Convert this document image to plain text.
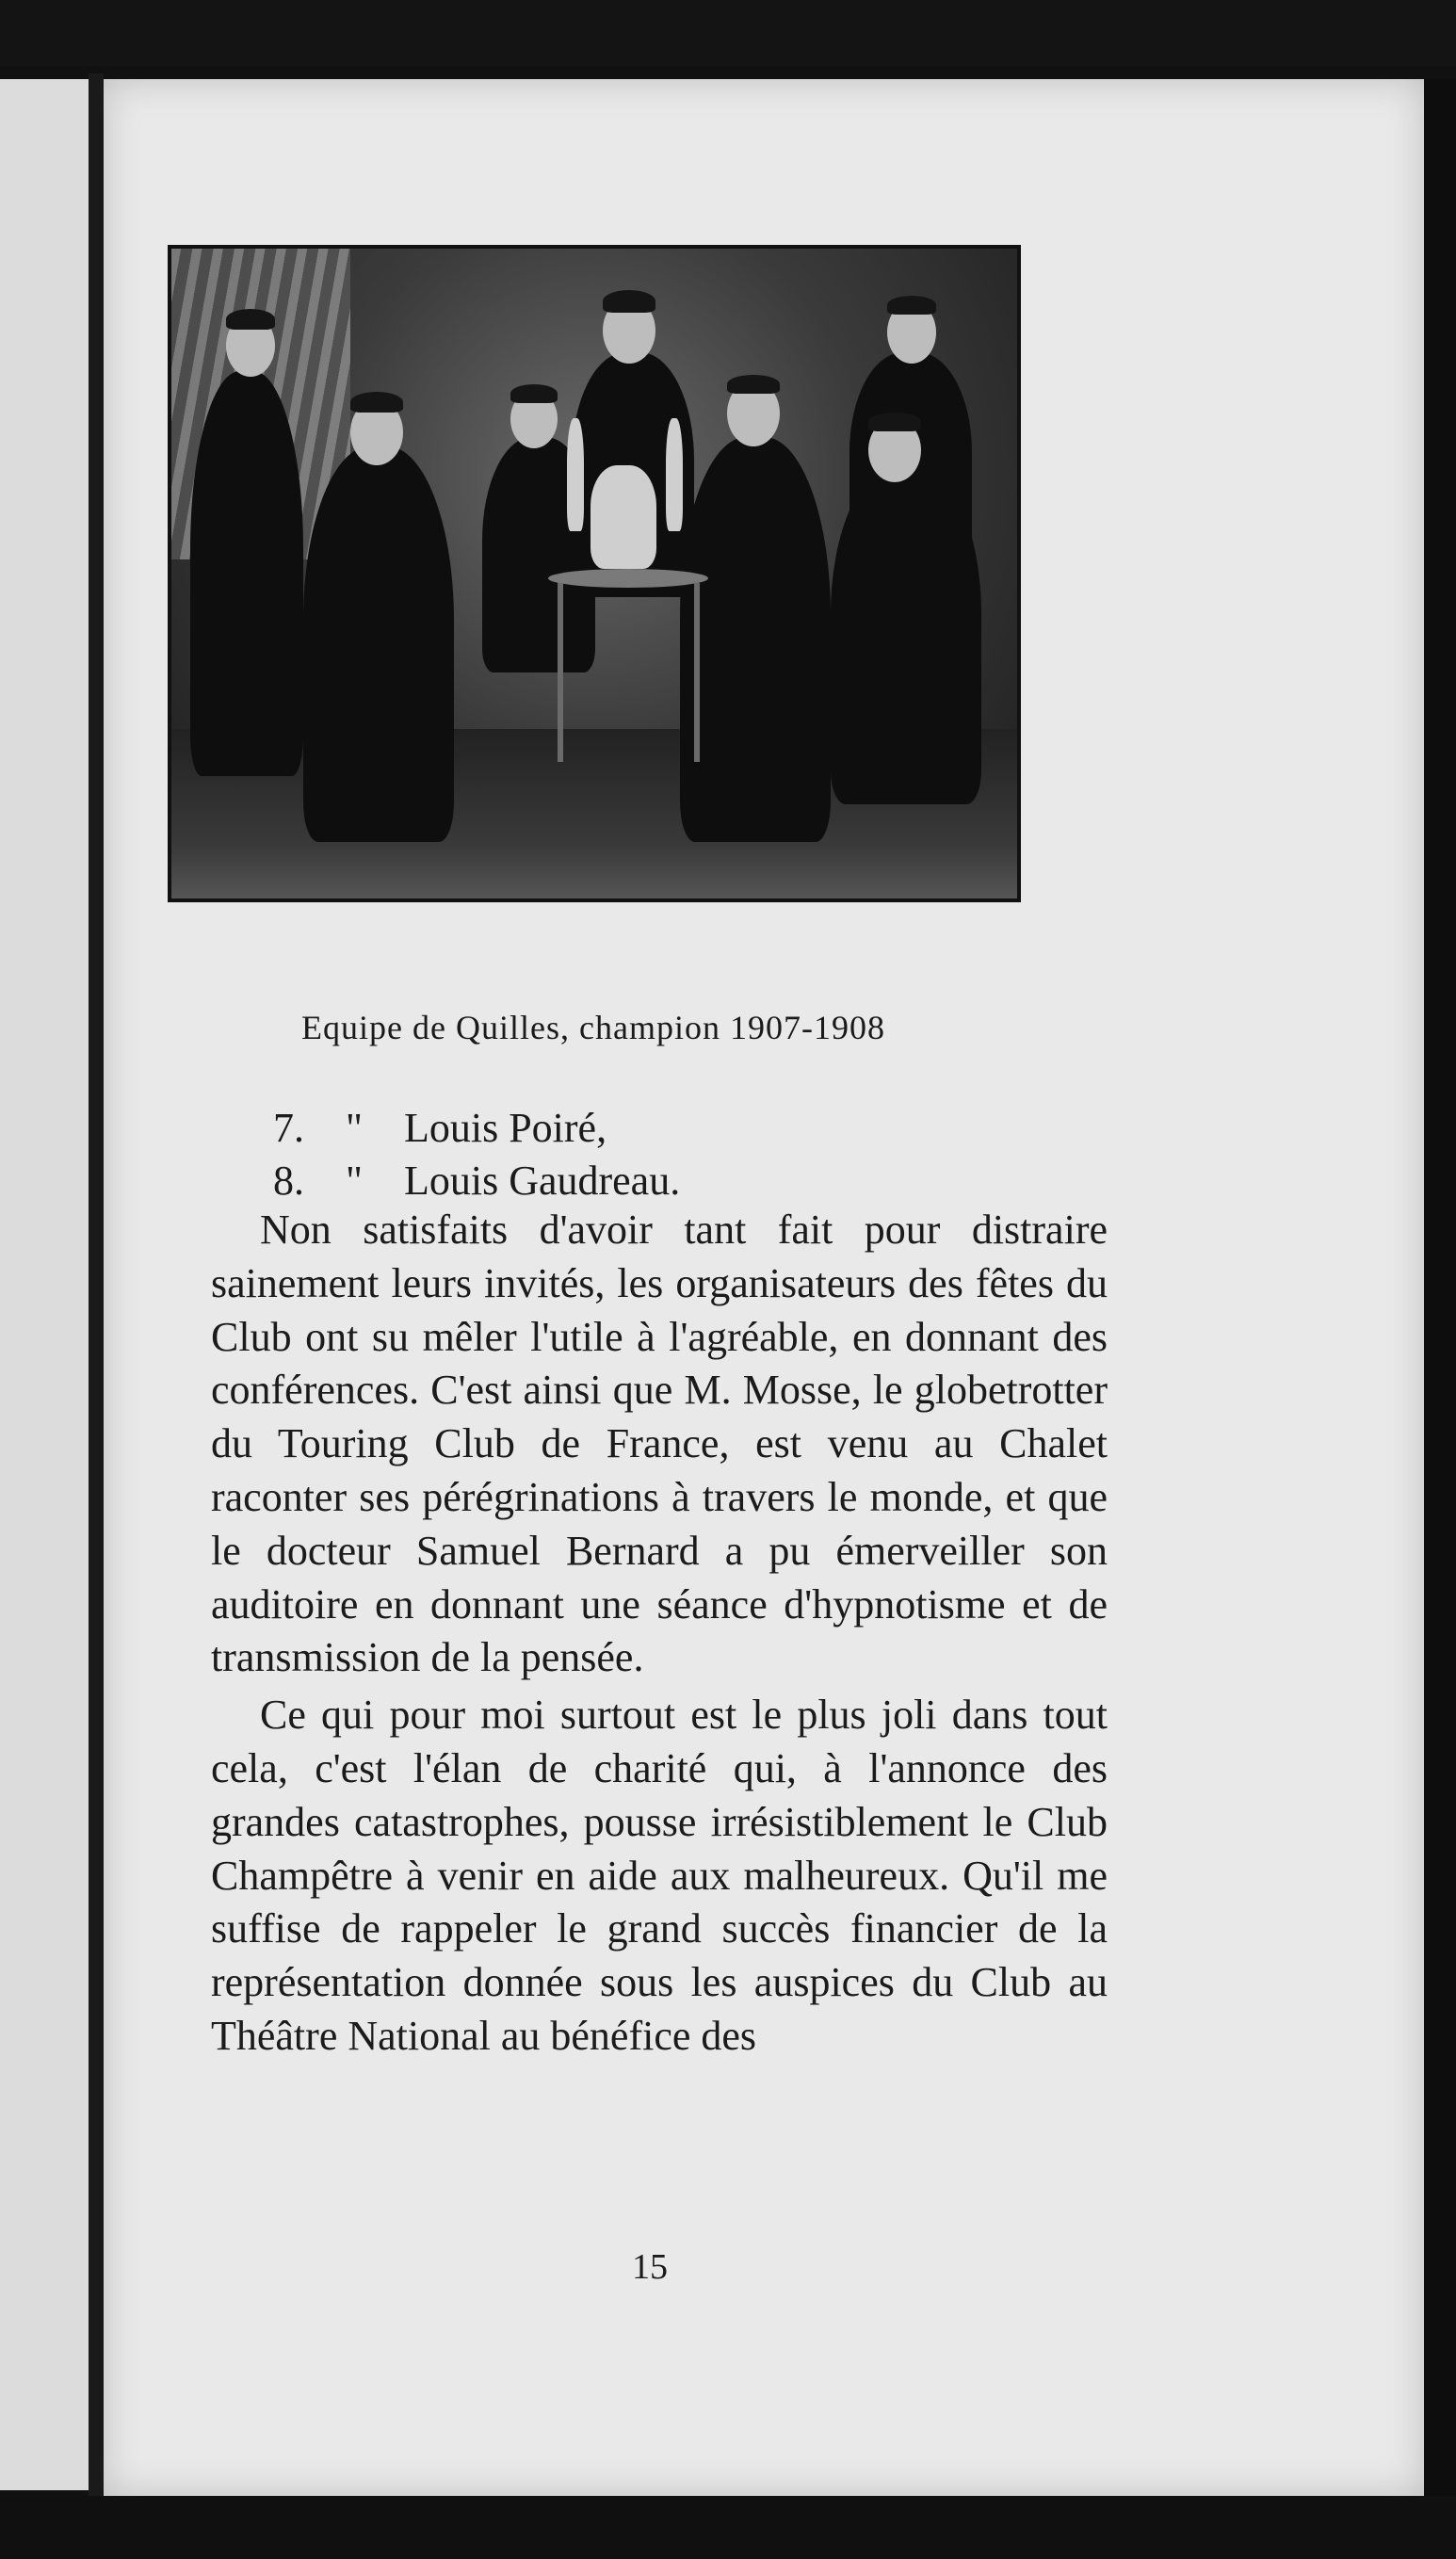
Equipe de Quilles, champion 1907-1908
7. " Louis Poiré,
8. " Louis Gaudreau.

Non satisfaits d'avoir tant fait pour distraire sainement leurs invités, les organisateurs des fêtes du Club ont su mêler l'utile à l'agréable, en donnant des conférences. C'est ainsi que M. Mosse, le globetrotter du Touring Club de France, est venu au Chalet raconter ses pérégrinations à travers le monde, et que le docteur Samuel Bernard a pu émerveiller son auditoire en donnant une séance d'hypnotisme et de transmission de la pensée.

Ce qui pour moi surtout est le plus joli dans tout cela, c'est l'élan de charité qui, à l'annonce des grandes catastrophes, pousse irrésistiblement le Club Champêtre à venir en aide aux malheureux. Qu'il me suffise de rappeler le grand succès financier de la représentation donnée sous les auspices du Club au Théâtre National au bénéfice des

15
